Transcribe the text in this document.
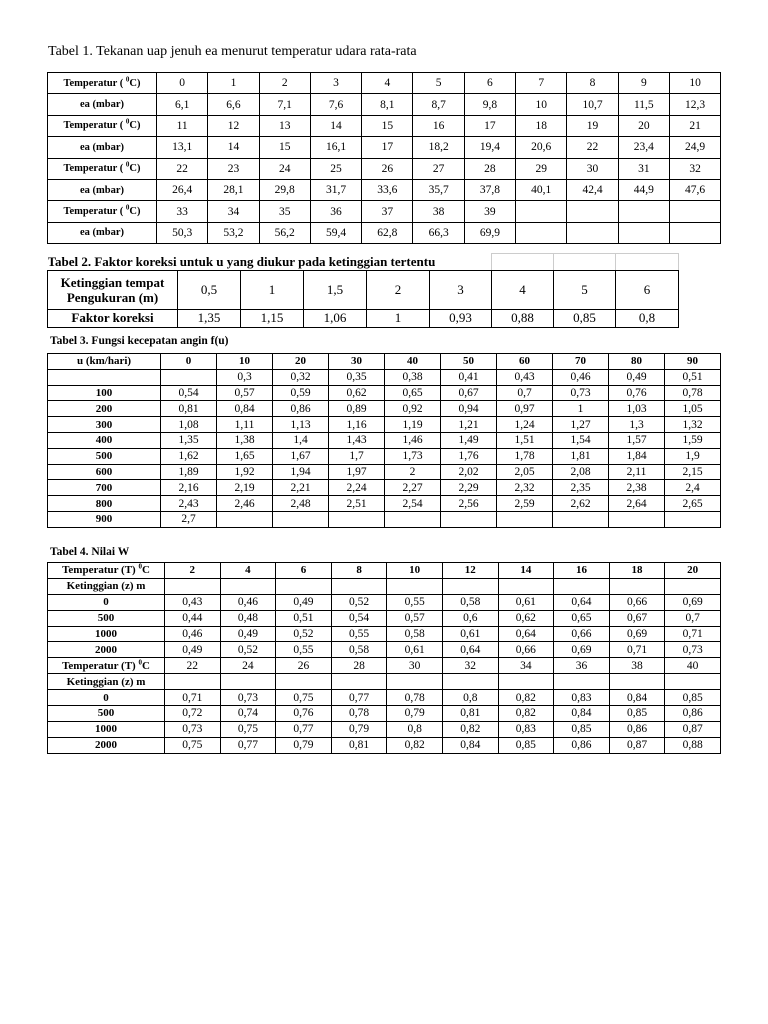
Tabel 1. Tekanan uap jenuh ea menurut temperatur udara rata-rata
Temperatur ( $^0$C)	0	1	2	3	4	5	6	7	8	9	10
ea (mbar)	6,1	6,6	7,1	7,6	8,1	8,7	9,8	10	10,7	11,5	12,3
Temperatur ( $^0$C)	11	12	13	14	15	16	17	18	19	20	21
ea (mbar)	13,1	14	15	16,1	17	18,2	19,4	20,6	22	23,4	24,9
Temperatur ( $^0$C)	22	23	24	25	26	27	28	29	30	31	32
ea (mbar)	26,4	28,1	29,8	31,7	33,6	35,7	37,8	40,1	42,4	44,9	47,6
Temperatur ( $^0$C)	33	34	35	36	37	38	39				
ea (mbar)	50,3	53,2	56,2	59,4	62,8	66,3	69,9				
Tabel 2. Faktor koreksi untuk u yang diukur pada ketinggian tertentu								

Ketinggian tempat
Pengukuran (m)	0,5	1	1,5	2	3	4	5	6
Faktor koreksi	1,35	1,15	1,06	1	0,93	0,88	0,85	0,8
Tabel 3. Fungsi kecepatan angin f(u)
u (km/hari)	0	10	20	30	40	50	60	70	80	90
		0,3	0,32	0,35	0,38	0,41	0,43	0,46	0,49	0,51
100	0,54	0,57	0,59	0,62	0,65	0,67	0,7	0,73	0,76	0,78
200	0,81	0,84	0,86	0,89	0,92	0,94	0,97	1	1,03	1,05
300	1,08	1,11	1,13	1,16	1,19	1,21	1,24	1,27	1,3	1,32
400	1,35	1,38	1,4	1,43	1,46	1,49	1,51	1,54	1,57	1,59
500	1,62	1,65	1,67	1,7	1,73	1,76	1,78	1,81	1,84	1,9
600	1,89	1,92	1,94	1,97	2	2,02	2,05	2,08	2,11	2,15
700	2,16	2,19	2,21	2,24	2,27	2,29	2,32	2,35	2,38	2,4
800	2,43	2,46	2,48	2,51	2,54	2,56	2,59	2,62	2,64	2,65
900	2,7									
Tabel 4. Nilai W
Temperatur (T) $^0$C	2	4	6	8	10	12	14	16	18	20
Ketinggian (z) m										
0	0,43	0,46	0,49	0,52	0,55	0,58	0,61	0,64	0,66	0,69
500	0,44	0,48	0,51	0,54	0,57	0,6	0,62	0,65	0,67	0,7
1000	0,46	0,49	0,52	0,55	0,58	0,61	0,64	0,66	0,69	0,71
2000	0,49	0,52	0,55	0,58	0,61	0,64	0,66	0,69	0,71	0,73
Temperatur (T) $^0$C	22	24	26	28	30	32	34	36	38	40
Ketinggian (z) m										
0	0,71	0,73	0,75	0,77	0,78	0,8	0,82	0,83	0,84	0,85
500	0,72	0,74	0,76	0,78	0,79	0,81	0,82	0,84	0,85	0,86
1000	0,73	0,75	0,77	0,79	0,8	0,82	0,83	0,85	0,86	0,87
2000	0,75	0,77	0,79	0,81	0,82	0,84	0,85	0,86	0,87	0,88
